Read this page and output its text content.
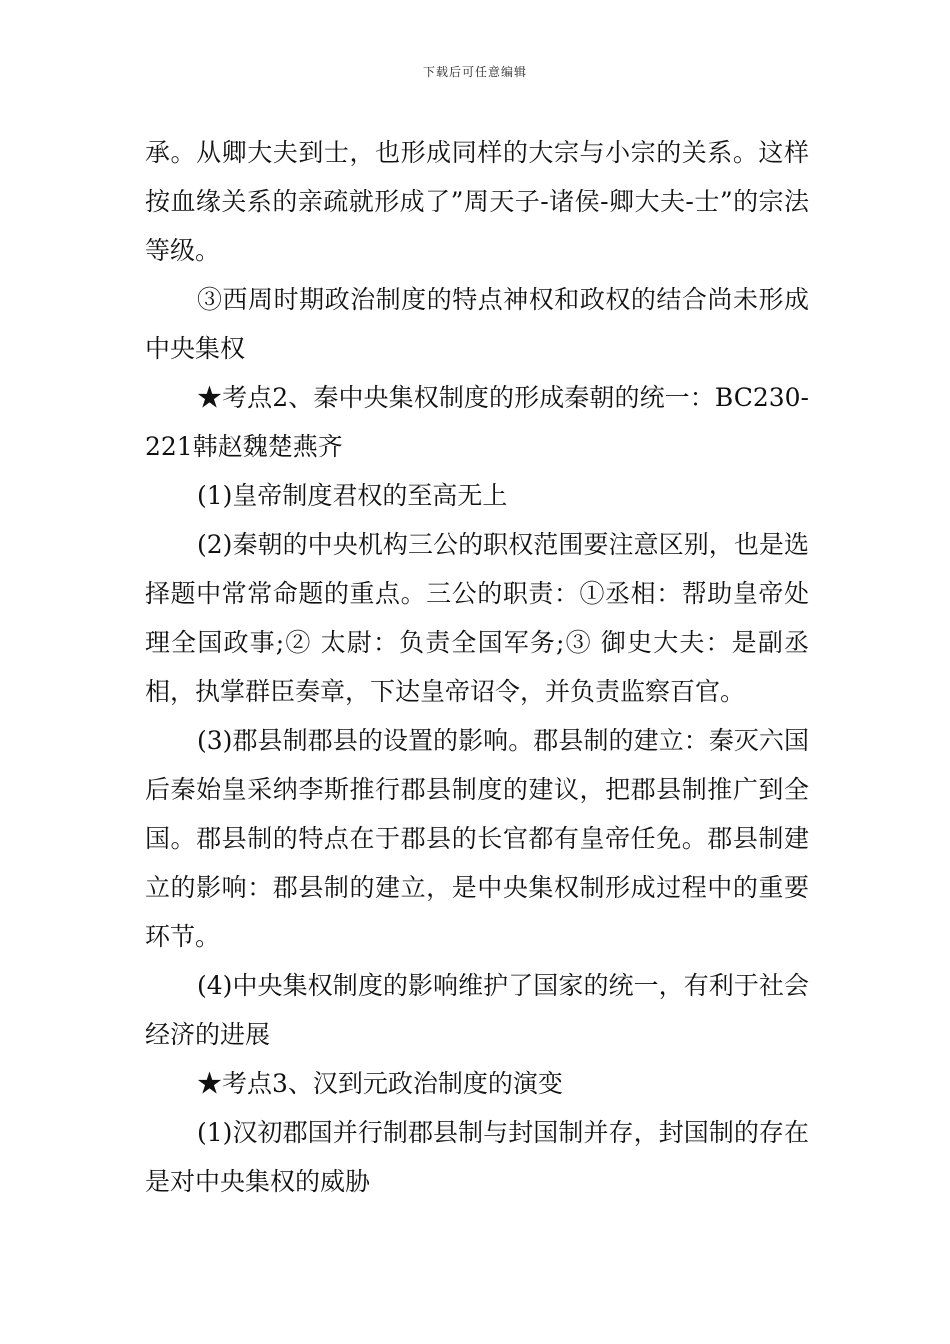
下载后可任意编辑

承。从卿大夫到士，也形成同样的大宗与小宗的关系。这样按血缘关系的亲疏就形成了”周天子-诸侯-卿大夫-士”的宗法等级。

③西周时期政治制度的特点神权和政权的结合尚未形成中央集权

★考点2、秦中央集权制度的形成秦朝的统一：BC230-221韩赵魏楚燕齐

(1)皇帝制度君权的至高无上

(2)秦朝的中央机构三公的职权范围要注意区别，也是选择题中常常命题的重点。三公的职责：①丞相：帮助皇帝处理全国政事;② 太尉：负责全国军务;③ 御史大夫：是副丞相，执掌群臣奏章，下达皇帝诏令，并负责监察百官。

(3)郡县制郡县的设置的影响。郡县制的建立：秦灭六国后秦始皇采纳李斯推行郡县制度的建议，把郡县制推广到全国。郡县制的特点在于郡县的长官都有皇帝任免。郡县制建立的影响：郡县制的建立，是中央集权制形成过程中的重要环节。

(4)中央集权制度的影响维护了国家的统一，有利于社会经济的进展

★考点3、汉到元政治制度的演变

(1)汉初郡国并行制郡县制与封国制并存，封国制的存在是对中央集权的威胁
